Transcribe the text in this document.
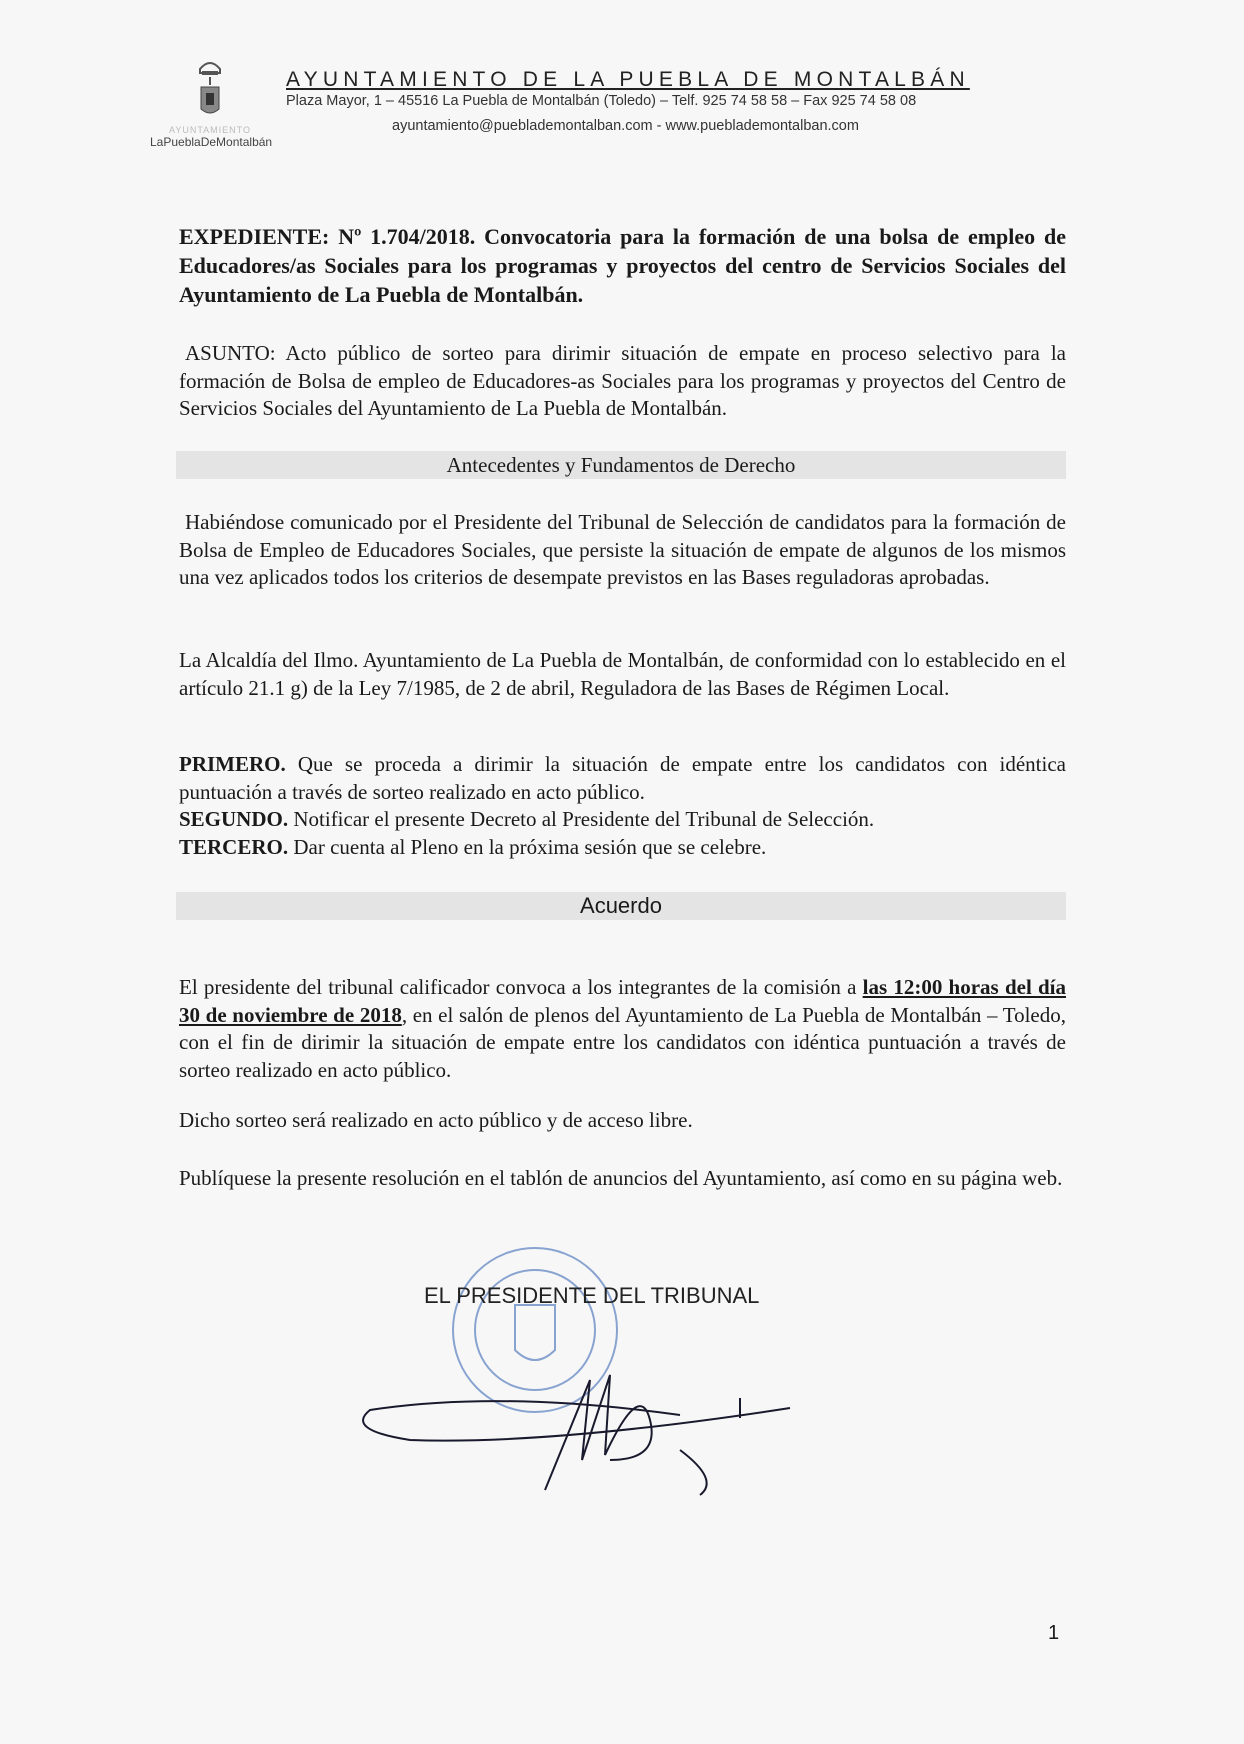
AYUNTAMIENTO
LaPueblaDeMontalbán
AYUNTAMIENTO DE LA PUEBLA DE MONTALBÁN
Plaza Mayor, 1 – 45516 La Puebla de Montalbán (Toledo) – Telf. 925 74 58 58 – Fax 925 74 58 08
ayuntamiento@pueblademontalban.com - www.pueblademontalban.com
EXPEDIENTE: Nº 1.704/2018. Convocatoria para la formación de una bolsa de empleo de Educadores/as Sociales para los programas y proyectos del centro de Servicios Sociales del Ayuntamiento de La Puebla de Montalbán.
ASUNTO: Acto público de sorteo para dirimir situación de empate en proceso selectivo para la formación de Bolsa de empleo de Educadores-as Sociales para los programas y proyectos del Centro de Servicios Sociales del Ayuntamiento de La Puebla de Montalbán.
Antecedentes y Fundamentos de Derecho
Habiéndose comunicado por el Presidente del Tribunal de Selección de candidatos para la formación de Bolsa de Empleo de Educadores Sociales, que persiste la situación de empate de algunos de los mismos una vez aplicados todos los criterios de desempate previstos en las Bases reguladoras aprobadas.
La Alcaldía del Ilmo. Ayuntamiento de La Puebla de Montalbán, de conformidad con lo establecido en el artículo 21.1 g) de la Ley 7/1985, de 2 de abril, Reguladora de las Bases de Régimen Local.
PRIMERO. Que se proceda a dirimir la situación de empate entre los candidatos con idéntica puntuación a través de sorteo realizado en acto público.
SEGUNDO. Notificar el presente Decreto al Presidente del Tribunal de Selección.
TERCERO. Dar cuenta al Pleno en la próxima sesión que se celebre.
Acuerdo
El presidente del tribunal calificador convoca a los integrantes de la comisión a las 12:00 horas del día 30 de noviembre de 2018, en el salón de plenos del Ayuntamiento de La Puebla de Montalbán – Toledo, con el fin de dirimir la situación de empate entre los candidatos con idéntica puntuación a través de sorteo realizado en acto público.
Dicho sorteo será realizado en acto público y de acceso libre.
Publíquese la presente resolución en el tablón de anuncios del Ayuntamiento, así como en su página web.
EL PRESIDENTE DEL TRIBUNAL
1
